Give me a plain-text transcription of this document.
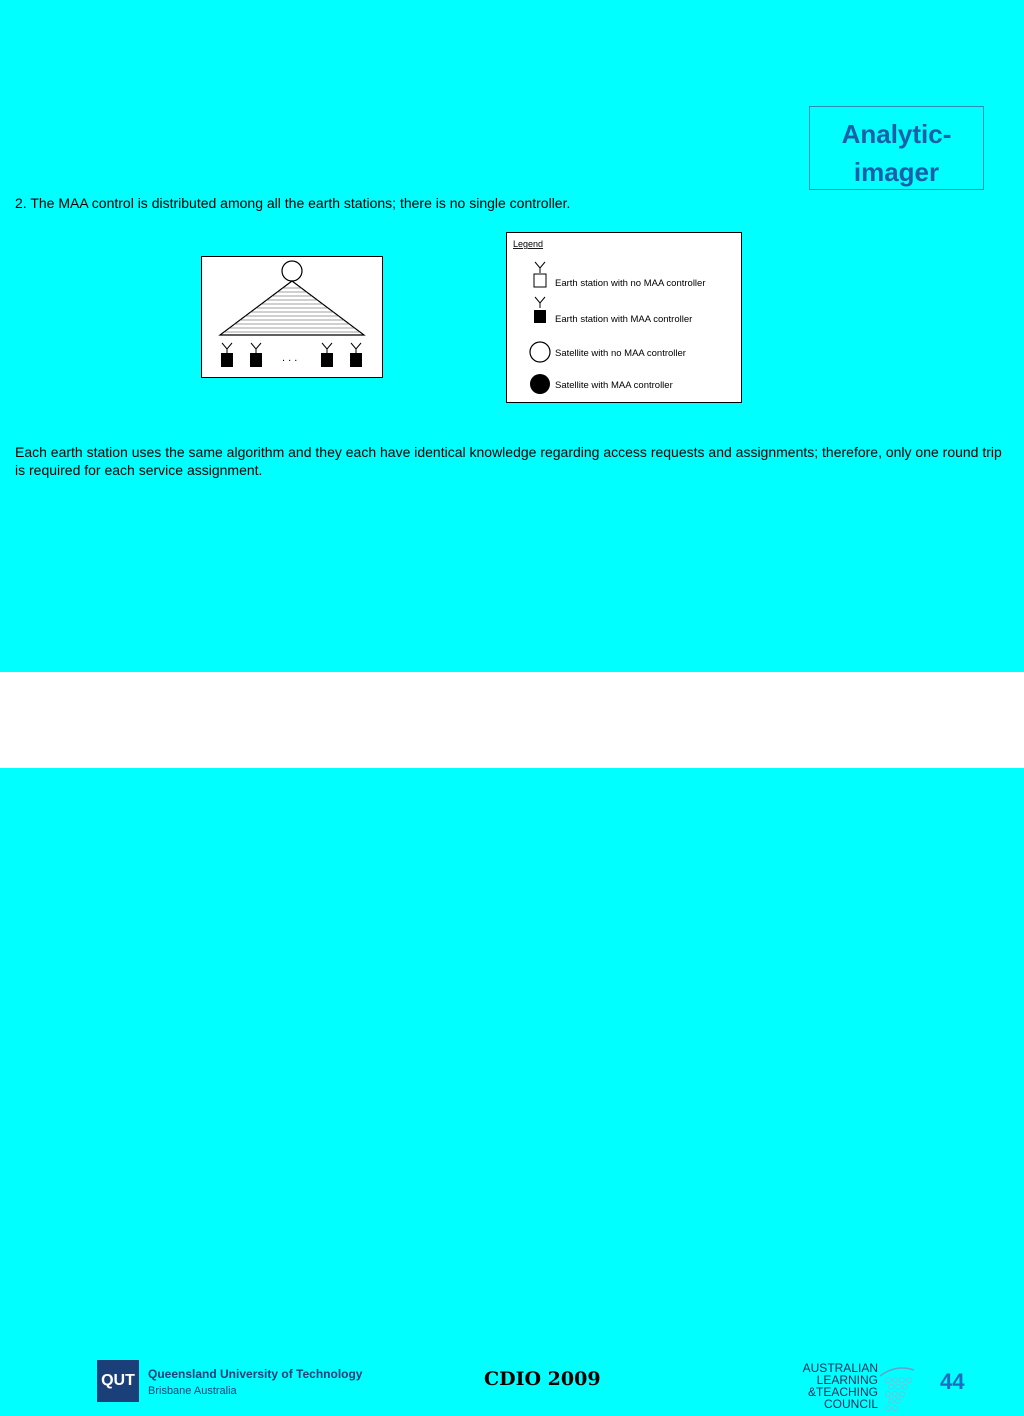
Analytic-
imager
2. The MAA control is distributed among all the earth stations; there is no single controller.
. . .
Legend
Earth station with no MAA controller
Earth station with MAA controller
Satellite with no MAA controller
Satellite with MAA controller
Each earth station uses the same algorithm and they each have identical knowledge regarding access requests and assignments; therefore, only one round trip is required for each service assignment.
QUT	Queensland University of Technology
Brisbane Australia
CDIO 2009	AUSTRALIAN
LEARNING
&TEACHING
COUNCIL
44
